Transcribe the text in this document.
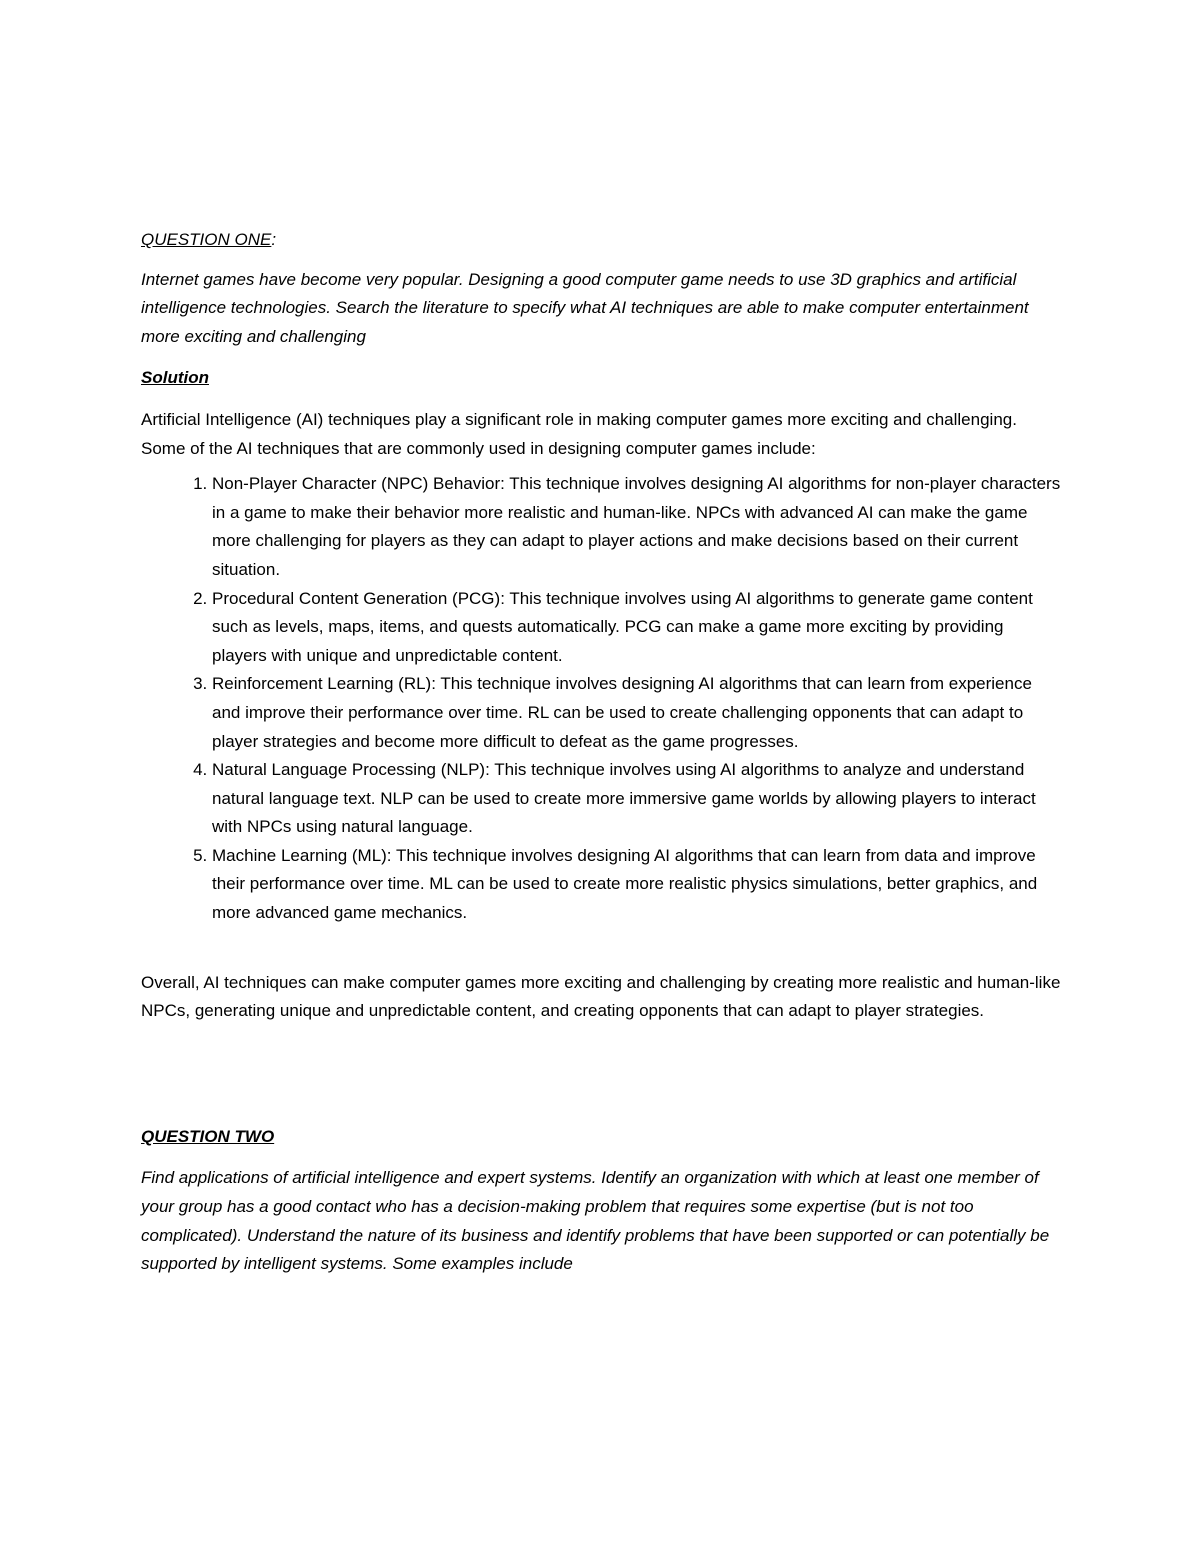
QUESTION ONE:

Internet games have become very popular. Designing a good computer game needs to use 3D graphics and artificial intelligence technologies. Search the literature to specify what AI techniques are able to make computer entertainment more exciting and challenging

Solution

Artificial Intelligence (AI) techniques play a significant role in making computer games more exciting and challenging. Some of the AI techniques that are commonly used in designing computer games include:

1. Non-Player Character (NPC) Behavior: This technique involves designing AI algorithms for non-player characters in a game to make their behavior more realistic and human-like. NPCs with advanced AI can make the game more challenging for players as they can adapt to player actions and make decisions based on their current situation.
2. Procedural Content Generation (PCG): This technique involves using AI algorithms to generate game content such as levels, maps, items, and quests automatically. PCG can make a game more exciting by providing players with unique and unpredictable content.
3. Reinforcement Learning (RL): This technique involves designing AI algorithms that can learn from experience and improve their performance over time. RL can be used to create challenging opponents that can adapt to player strategies and become more difficult to defeat as the game progresses.
4. Natural Language Processing (NLP): This technique involves using AI algorithms to analyze and understand natural language text. NLP can be used to create more immersive game worlds by allowing players to interact with NPCs using natural language.
5. Machine Learning (ML): This technique involves designing AI algorithms that can learn from data and improve their performance over time. ML can be used to create more realistic physics simulations, better graphics, and more advanced game mechanics.

Overall, AI techniques can make computer games more exciting and challenging by creating more realistic and human-like NPCs, generating unique and unpredictable content, and creating opponents that can adapt to player strategies.

QUESTION TWO

Find applications of artificial intelligence and expert systems. Identify an organization with which at least one member of your group has a good contact who has a decision-making problem that requires some expertise (but is not too complicated). Understand the nature of its business and identify problems that have been supported or can potentially be supported by intelligent systems. Some examples include
